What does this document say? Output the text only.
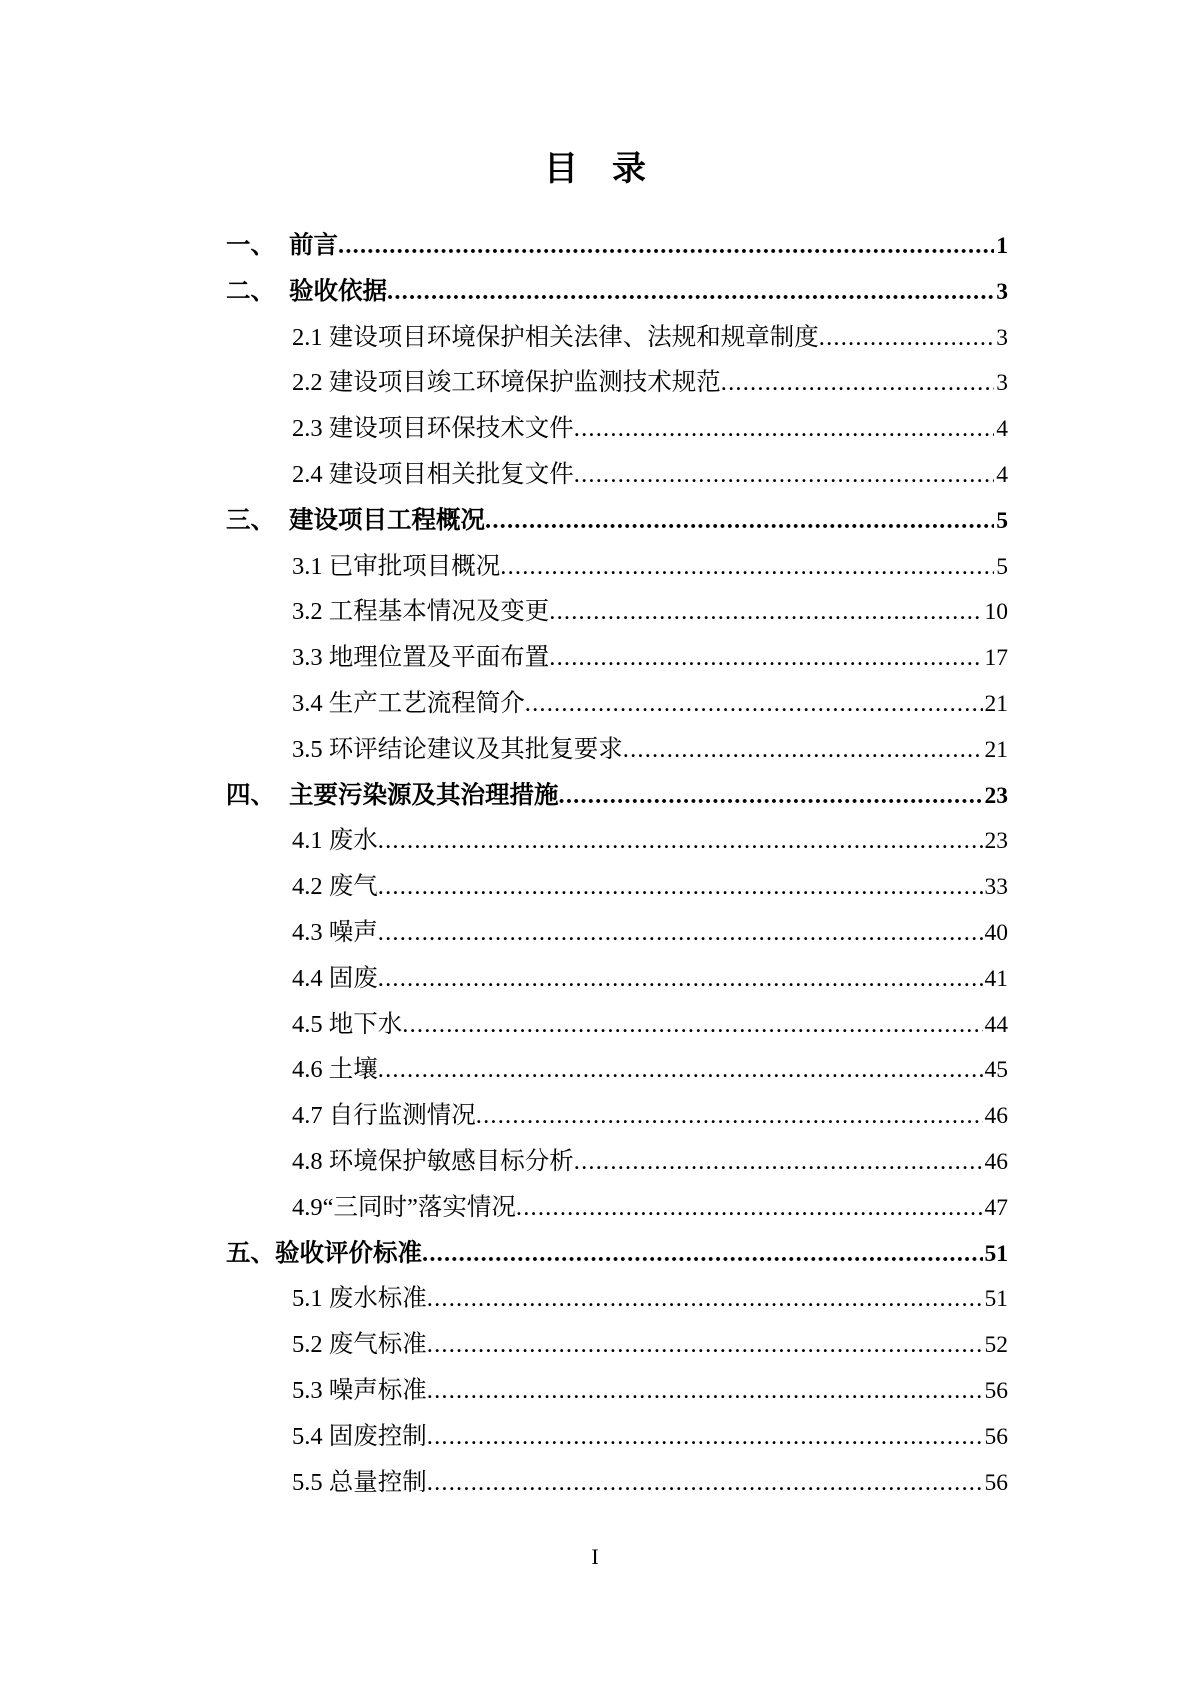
目　录
一、 前言 .....	1
二、 验收依据 .....	3
2.1 建设项目环境保护相关法律、法规和规章制度 .....	3
2.2 建设项目竣工环境保护监测技术规范 .....	3
2.3 建设项目环保技术文件 .....	4
2.4 建设项目相关批复文件 .....	4
三、 建设项目工程概况 .....	5
3.1 已审批项目概况 .....	5
3.2 工程基本情况及变更 .....	10
3.3 地理位置及平面布置 .....	17
3.4 生产工艺流程简介 .....	21
3.5 环评结论建议及其批复要求 .....	21
四、 主要污染源及其治理措施 .....	23
4.1 废水 .....	23
4.2 废气 .....	33
4.3 噪声 .....	40
4.4 固废 .....	41
4.5 地下水 .....	44
4.6 土壤 .....	45
4.7 自行监测情况 .....	46
4.8 环境保护敏感目标分析 .....	46
4.9“三同时”落实情况 .....	47
五、 验收评价标准 .....	51
5.1 废水标准 .....	51
5.2 废气标准 .....	52
5.3 噪声标准 .....	56
5.4 固废控制 .....	56
5.5 总量控制 .....	56
I
